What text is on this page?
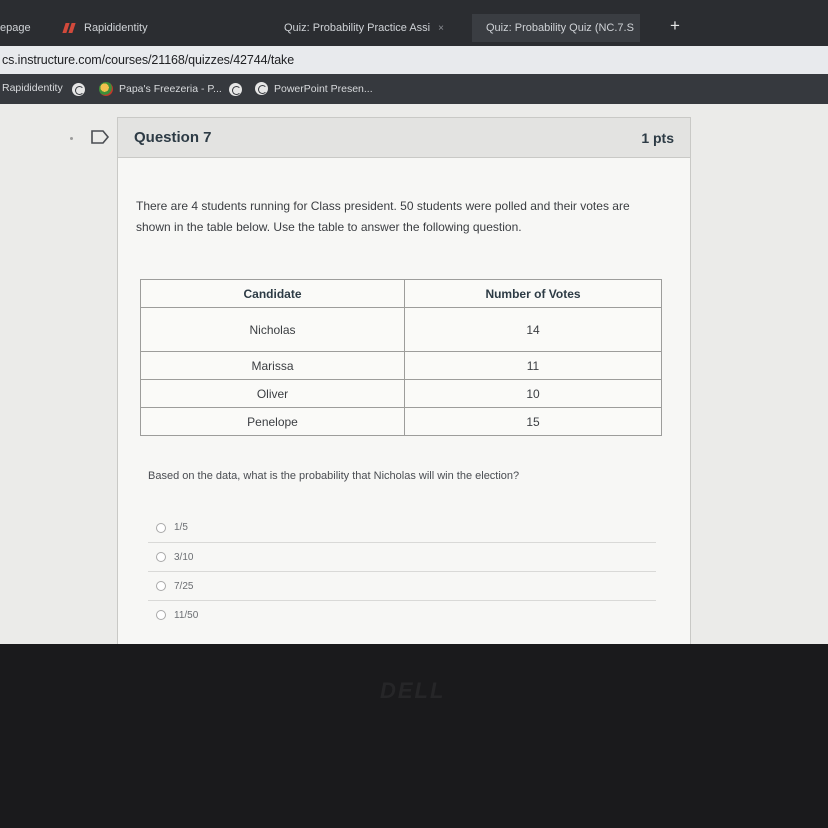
epage	Rapididentity	Quiz: Probability Practice Assi ×	Quiz: Probability Quiz (NC.7.S +
cs.instructure.com/courses/21168/quizzes/42744/take
Rapididentity	Papa's Freezeria - P...	PowerPoint Presen...
Question 7	1 pts

There are 4 students running for Class president. 50 students were polled and their votes are shown in the table below. Use the table to answer the following question.

Candidate	Number of Votes
Nicholas	14
Marissa	11
Oliver	10
Penelope	15

Based on the data, what is the probability that Nicholas will win the election?

1/5
3/10
7/25
11/50
DELL
